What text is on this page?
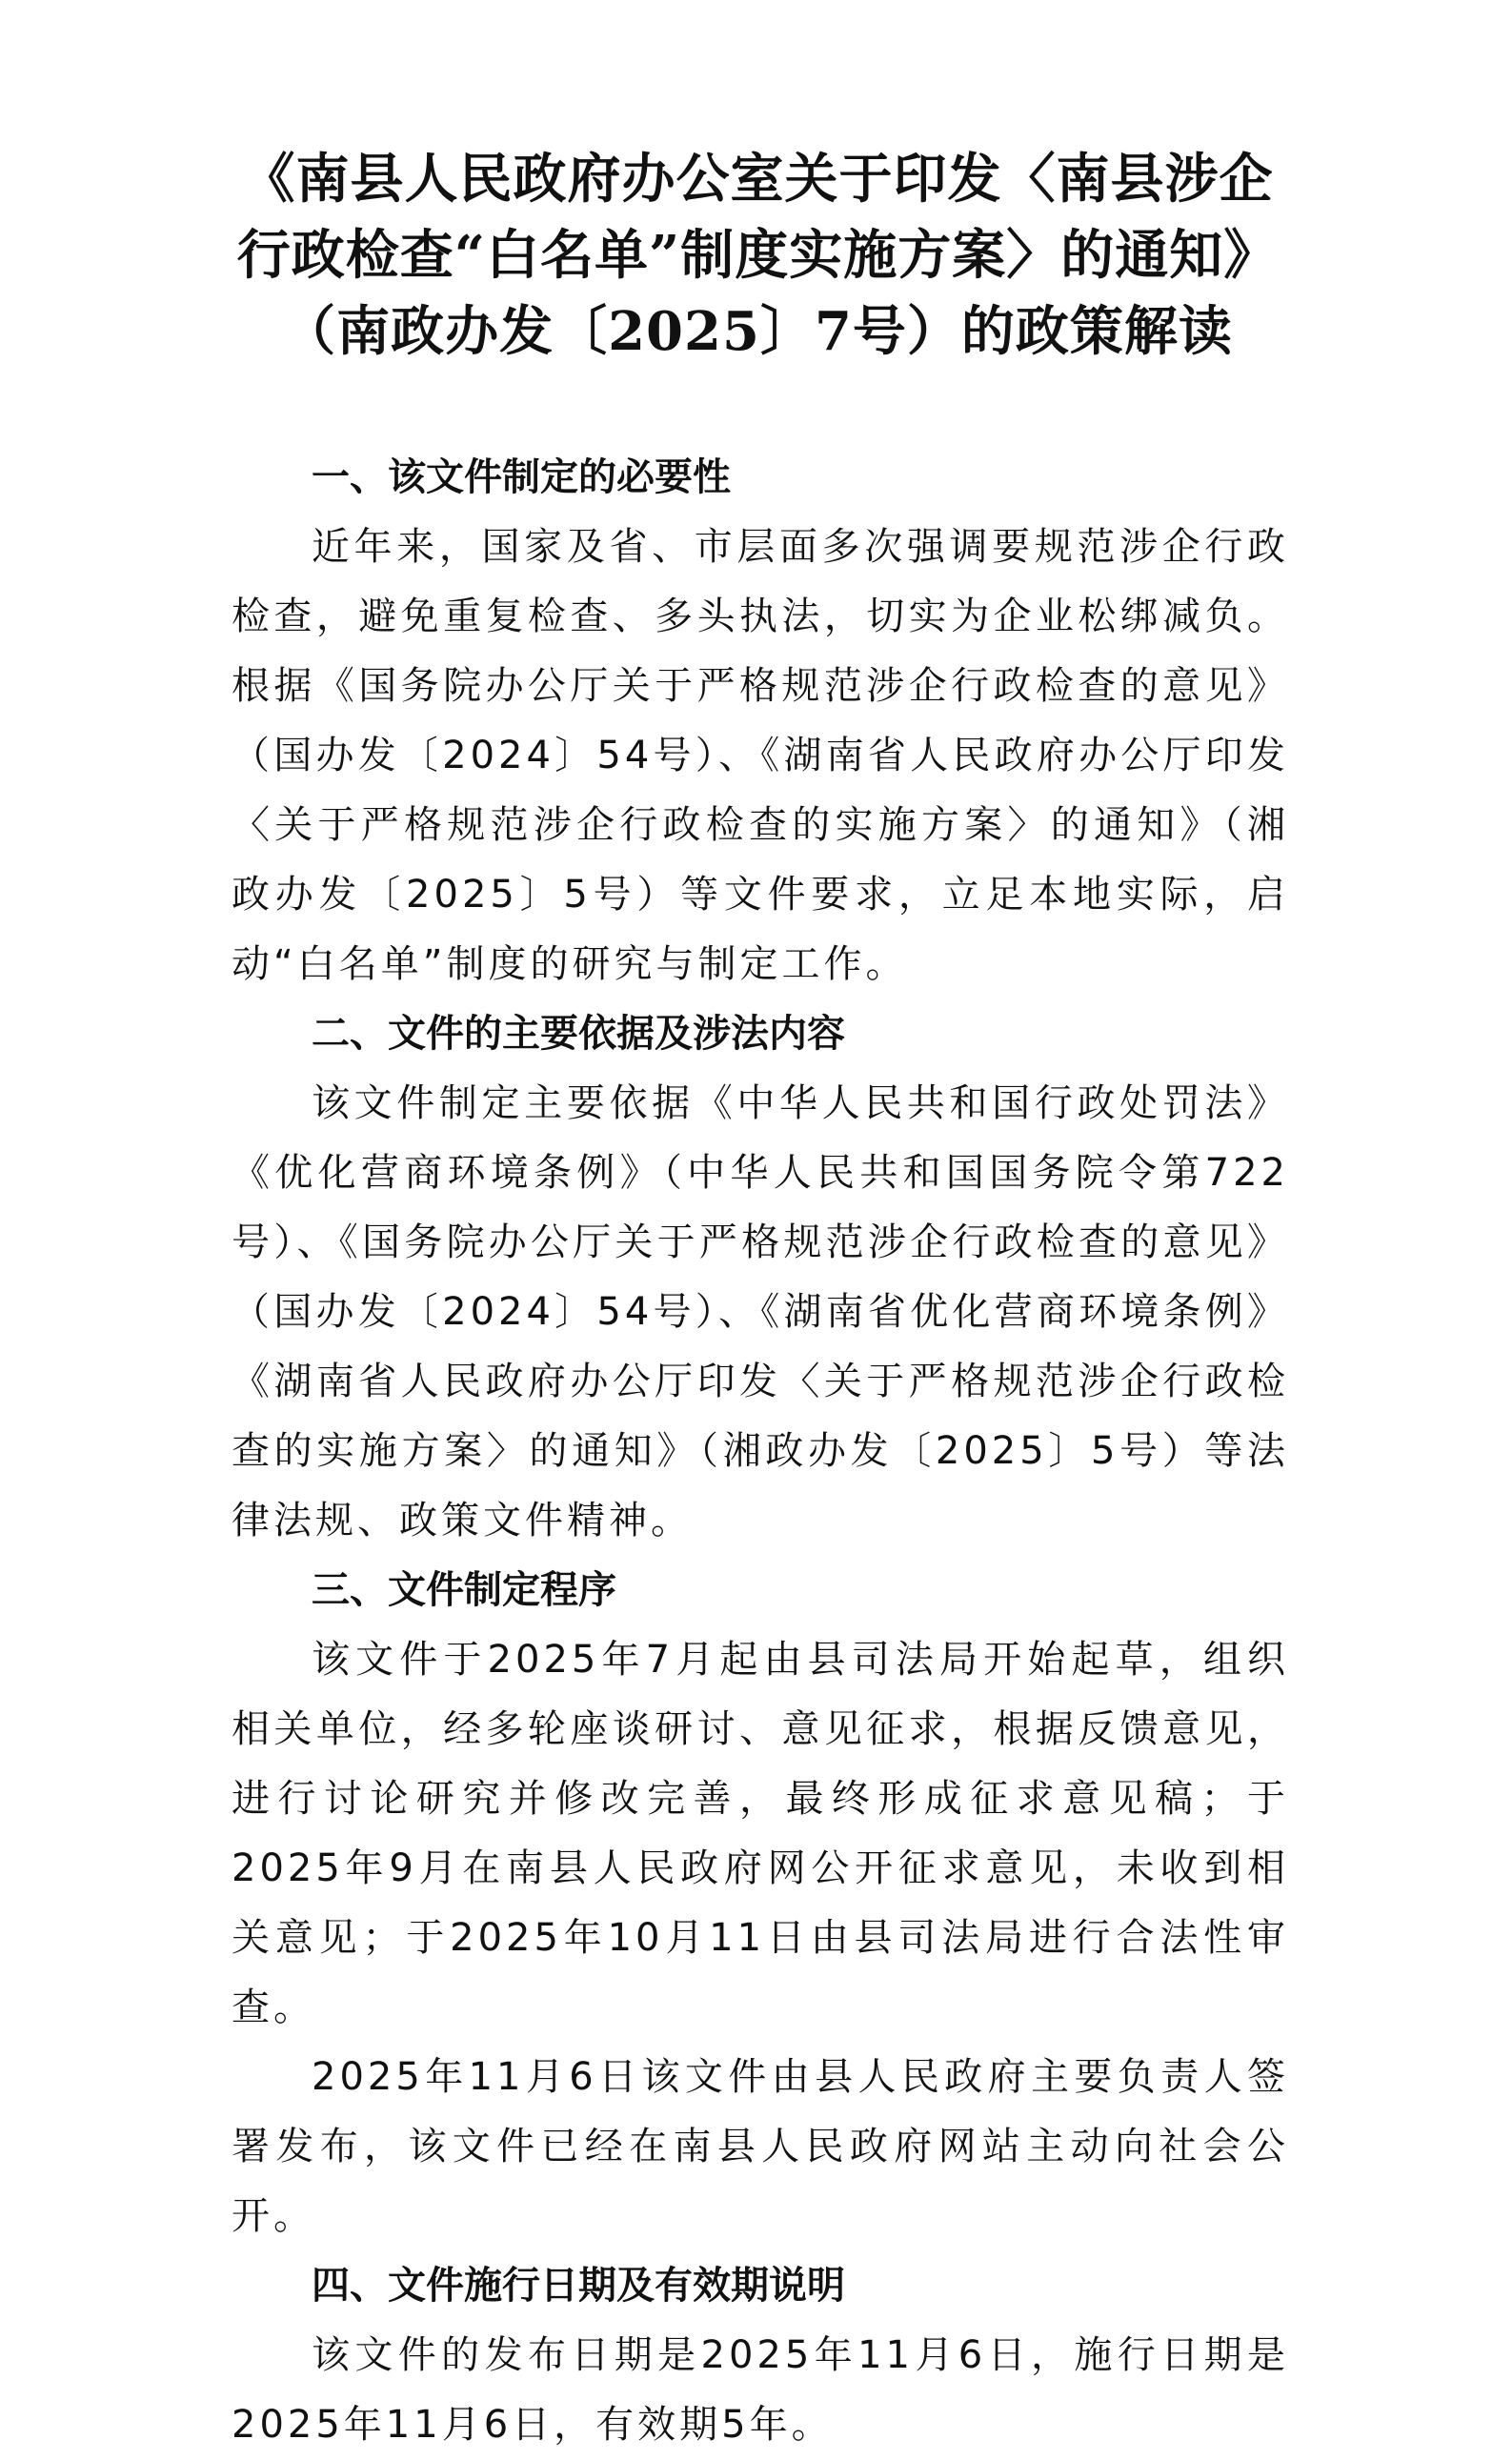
《南县人民政府办公室关于印发〈南县涉企
行政检查“白名单”制度实施方案〉的通知》
（南政办发〔2025〕7号）的政策解读
一、该文件制定的必要性

近年来，国家及省、市层面多次强调要规范涉企行政检查，避免重复检查、多头执法，切实为企业松绑减负。根据《国务院办公厅关于严格规范涉企行政检查的意见》（国办发〔2024〕54号）、《湖南省人民政府办公厅印发〈关于严格规范涉企行政检查的实施方案〉的通知》（湘政办发〔2025〕5号）等文件要求，立足本地实际，启动“白名单”制度的研究与制定工作。

二、文件的主要依据及涉法内容

该文件制定主要依据《中华人民共和国行政处罚法》《优化营商环境条例》（中华人民共和国国务院令第722号）、《国务院办公厅关于严格规范涉企行政检查的意见》（国办发〔2024〕54号）、《湖南省优化营商环境条例》《湖南省人民政府办公厅印发〈关于严格规范涉企行政检查的实施方案〉的通知》（湘政办发〔2025〕5号）等法律法规、政策文件精神。

三、文件制定程序

该文件于2025年7月起由县司法局开始起草，组织相关单位，经多轮座谈研讨、意见征求，根据反馈意见，进行讨论研究并修改完善，最终形成征求意见稿；于2025年9月在南县人民政府网公开征求意见，未收到相关意见；于2025年10月11日由县司法局进行合法性审查。

2025年11月6日该文件由县人民政府主要负责人签署发布，该文件已经在南县人民政府网站主动向社会公开。

四、文件施行日期及有效期说明

该文件的发布日期是2025年11月6日，施行日期是2025年11月6日，有效期5年。
